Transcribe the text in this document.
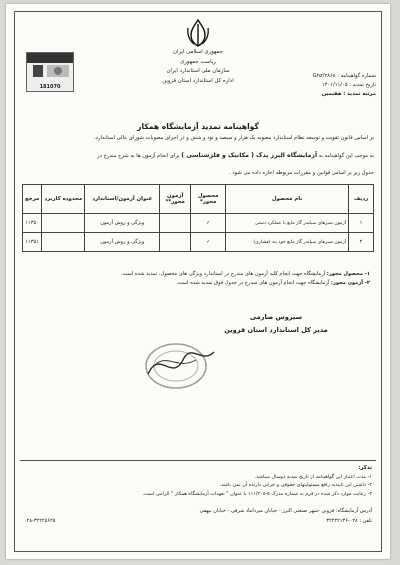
جمهوری اسلامی ایران
ریاست جمهوری
سازمان ملی استاندارد ایران
اداره کل استاندارد استان قزوین
شماره گواهینامه : Ghz/۲۸۶۸
تاریخ تمدید : ۱۴۰۱/۱۱/۰۵
مرتبه تمدید : هفتمین
181070
گواهینامه تمدید آزمایشگاه همکار
بر اساس قانون تقویت و توسعه نظام استاندارد مصوبه یک هزار و سیصد و نود و شش و در اجرای مصوبات شورای عالی استاندارد،
به موجب این گواهینامه به آزمایشگاه البرز پدک ( مکانیک و فلزشناسی ) برای انجام آزمون ها به شرح مندرج در
جدول زیر بر اساس قوانین و مقررات مربوطه اجازه داده می شود .
ردیف	نام محصول	محصول محور*	آزمون محور**	عنوان آزمون/استاندارد	محدوده کاربرد	مرجع
۱	آزمون شیرهای سیلندر گاز مایع با عملکرد دستی	✓		ویژگی و روش آزمون		۱۱۳۵۰
۲	آزمون شیرهای سیلندر گاز مایع خود بند (فشاری)	✓		ویژگی و روش آزمون		۱۱۳۵۱
۱- محصول محور: آزمایشگاه جهت انجام کلیه آزمون های مندرج در استاندارد ویژگی های محصول، تمدید شده است.
۲- آزمون محور: آزمایشگاه جهت انجام آزمون های مندرج در جدول فوق تمدید شده است.
سیروس صارمی
مدیر کل استاندارد استان قزوین
تذکر:
۱- مدت اعتبار این گواهینامه از تاریخ تمدید دوسال میباشد.
۲- داشتن این تاییدیه رافع مسئولیتهای حقوقی و جزایی دارنده آن نمی باشد.
۳- رعایت موارد ذکر شده در فرم به شماره مدرک ۵-۱۱۱/۲۰۸ با عنوان " تعهدات آزمایشگاه همکار " الزامی است.
آدرس آزمایشگاه: قزوین -شهر صنعتی البرز - خیابان میرداماد شرقی - خیابان بیهقی
تلفن : ۰۲۸-۳۲۲۲۲۱۳۶
۰۲۸-۳۲۲۲۵۶۲۵
